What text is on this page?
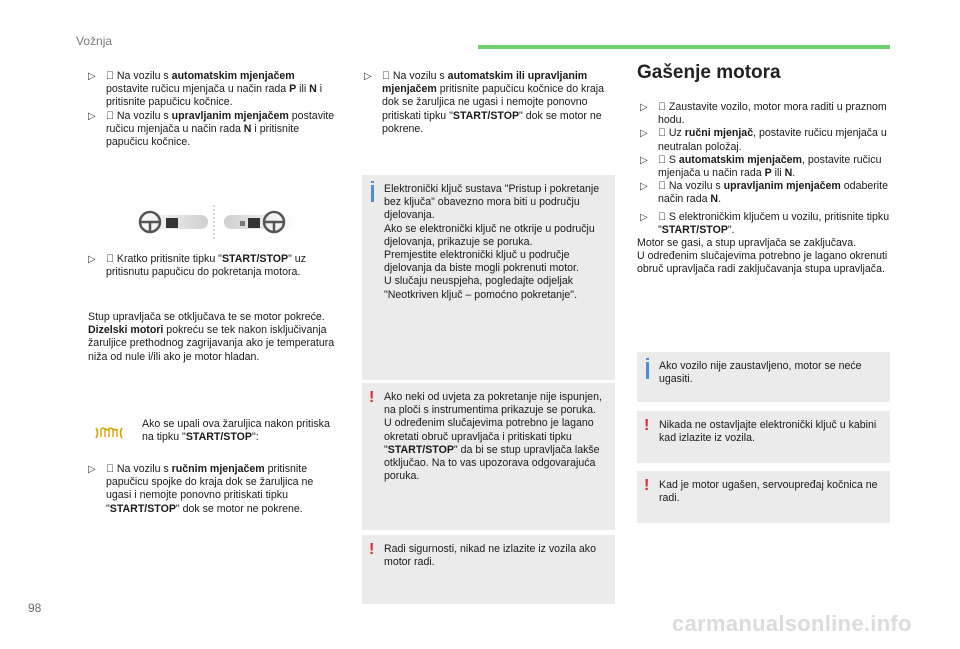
Vožnja

▷ Na vozilu s automatskim mjenjačem postavite ručicu mjenjača u način rada P ili N i pritisnite papučicu kočnice.

▷ Na vozilu s upravljanim mjenjačem postavite ručicu mjenjača u način rada N i pritisnite papučicu kočnice.

▷ Kratko pritisnite tipku "START/STOP" uz pritisnutu papučicu do pokretanja motora.

Stup upravljača se otključava te se motor pokreće.

Dizelski motori pokreću se tek nakon isključivanja žaruljice prethodnog zagrijavanja ako je temperatura niža od nule i/ili ako je motor hladan.

Ako se upali ova žaruljica nakon pritiska na tipku "START/STOP":

▷ Na vozilu s ručnim mjenjačem pritisnite papučicu spojke do kraja dok se žaruljica ne ugasi i nemojte ponovno pritiskati tipku "START/STOP" dok se motor ne pokrene.

▷ Na vozilu s automatskim ili upravljanim mjenjačem pritisnite papučicu kočnice do kraja dok se žaruljica ne ugasi i nemojte ponovno pritiskati tipku "START/STOP" dok se motor ne pokrene.

Elektronički ključ sustava "Pristup i pokretanje bez ključa" obavezno mora biti u području djelovanja.
Ako se elektronički ključ ne otkrije u području djelovanja, prikazuje se poruka.
Premjestite elektronički ključ u područje djelovanja da biste mogli pokrenuti motor.
U slučaju neuspjeha, pogledajte odjeljak "Neotkriven ključ – pomoćno pokretanje".

! Ako neki od uvjeta za pokretanje nije ispunjen, na ploči s instrumentima prikazuje se poruka.
U određenim slučajevima potrebno je lagano okretati obruč upravljača i pritiskati tipku "START/STOP" da bi se stup upravljača lakše otključao. Na to vas upozorava odgovarajuća poruka.

! Radi sigurnosti, nikad ne izlazite iz vozila ako motor radi.

Gašenje motora

▷ Zaustavite vozilo, motor mora raditi u praznom hodu.

▷ Uz ručni mjenjač, postavite ručicu mjenjača u neutralan položaj.

▷ S automatskim mjenjačem, postavite ručicu mjenjača u način rada P ili N.

▷ Na vozilu s upravljanim mjenjačem odaberite način rada N.

▷ S elektroničkim ključem u vozilu, pritisnite tipku "START/STOP".

Motor se gasi, a stup upravljača se zaključava.
U određenim slučajevima potrebno je lagano okrenuti obruč upravljača radi zaključavanja stupa upravljača.

Ako vozilo nije zaustavljeno, motor se neće ugasiti.

! Nikada ne ostavljajte elektronički ključ u kabini kad izlazite iz vozila.

! Kad je motor ugašen, servoupređaj kočnica ne radi.

98
carmanualsonline.info
